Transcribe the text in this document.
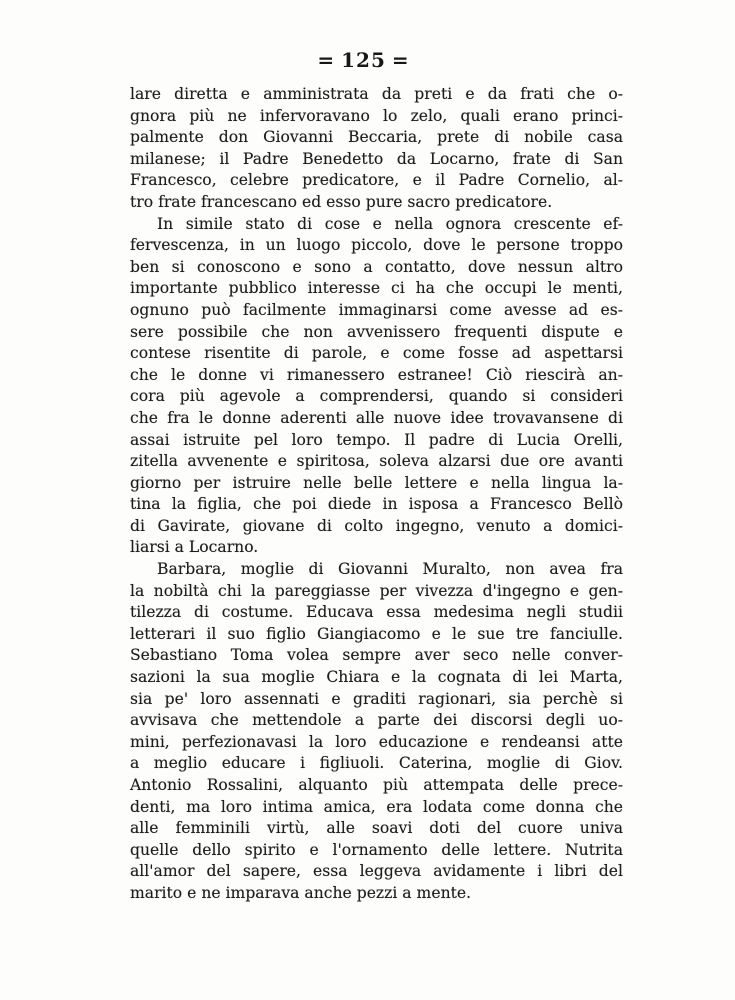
= 125 =

lare diretta e amministrata da preti e da frati che o-
gnora più ne infervoravano lo zelo, quali erano princi-
palmente don Giovanni Beccaria, prete di nobile casa
milanese; il Padre Benedetto da Locarno, frate di San
Francesco, celebre predicatore, e il Padre Cornelio, al-
tro frate francescano ed esso pure sacro predicatore.

In simile stato di cose e nella ognora crescente ef-
fervescenza, in un luogo piccolo, dove le persone troppo
ben si conoscono e sono a contatto, dove nessun altro
importante pubblico interesse ci ha che occupi le menti,
ognuno può facilmente immaginarsi come avesse ad es-
sere possibile che non avvenissero frequenti dispute e
contese risentite di parole, e come fosse ad aspettarsi
che le donne vi rimanessero estranee! Ciò riescirà an-
cora più agevole a comprendersi, quando si consideri
che fra le donne aderenti alle nuove idee trovavansene di
assai istruite pel loro tempo. Il padre di Lucia Orelli,
zitella avvenente e spiritosa, soleva alzarsi due ore avanti
giorno per istruire nelle belle lettere e nella lingua la-
tina la figlia, che poi diede in isposa a Francesco Bellò
di Gavirate, giovane di colto ingegno, venuto a domici-
liarsi a Locarno.

Barbara, moglie di Giovanni Muralto, non avea fra
la nobiltà chi la pareggiasse per vivezza d'ingegno e gen-
tilezza di costume. Educava essa medesima negli studii
letterari il suo figlio Giangiacomo e le sue tre fanciulle.
Sebastiano Toma volea sempre aver seco nelle conver-
sazioni la sua moglie Chiara e la cognata di lei Marta,
sia pe' loro assennati e graditi ragionari, sia perchè si
avvisava che mettendole a parte dei discorsi degli uo-
mini, perfezionavasi la loro educazione e rendeansi atte
a meglio educare i figliuoli. Caterina, moglie di Giov.
Antonio Rossalini, alquanto più attempata delle prece-
denti, ma loro intima amica, era lodata come donna che
alle femminili virtù, alle soavi doti del cuore univa
quelle dello spirito e l'ornamento delle lettere. Nutrita
all'amor del sapere, essa leggeva avidamente i libri del
marito e ne imparava anche pezzi a mente.
